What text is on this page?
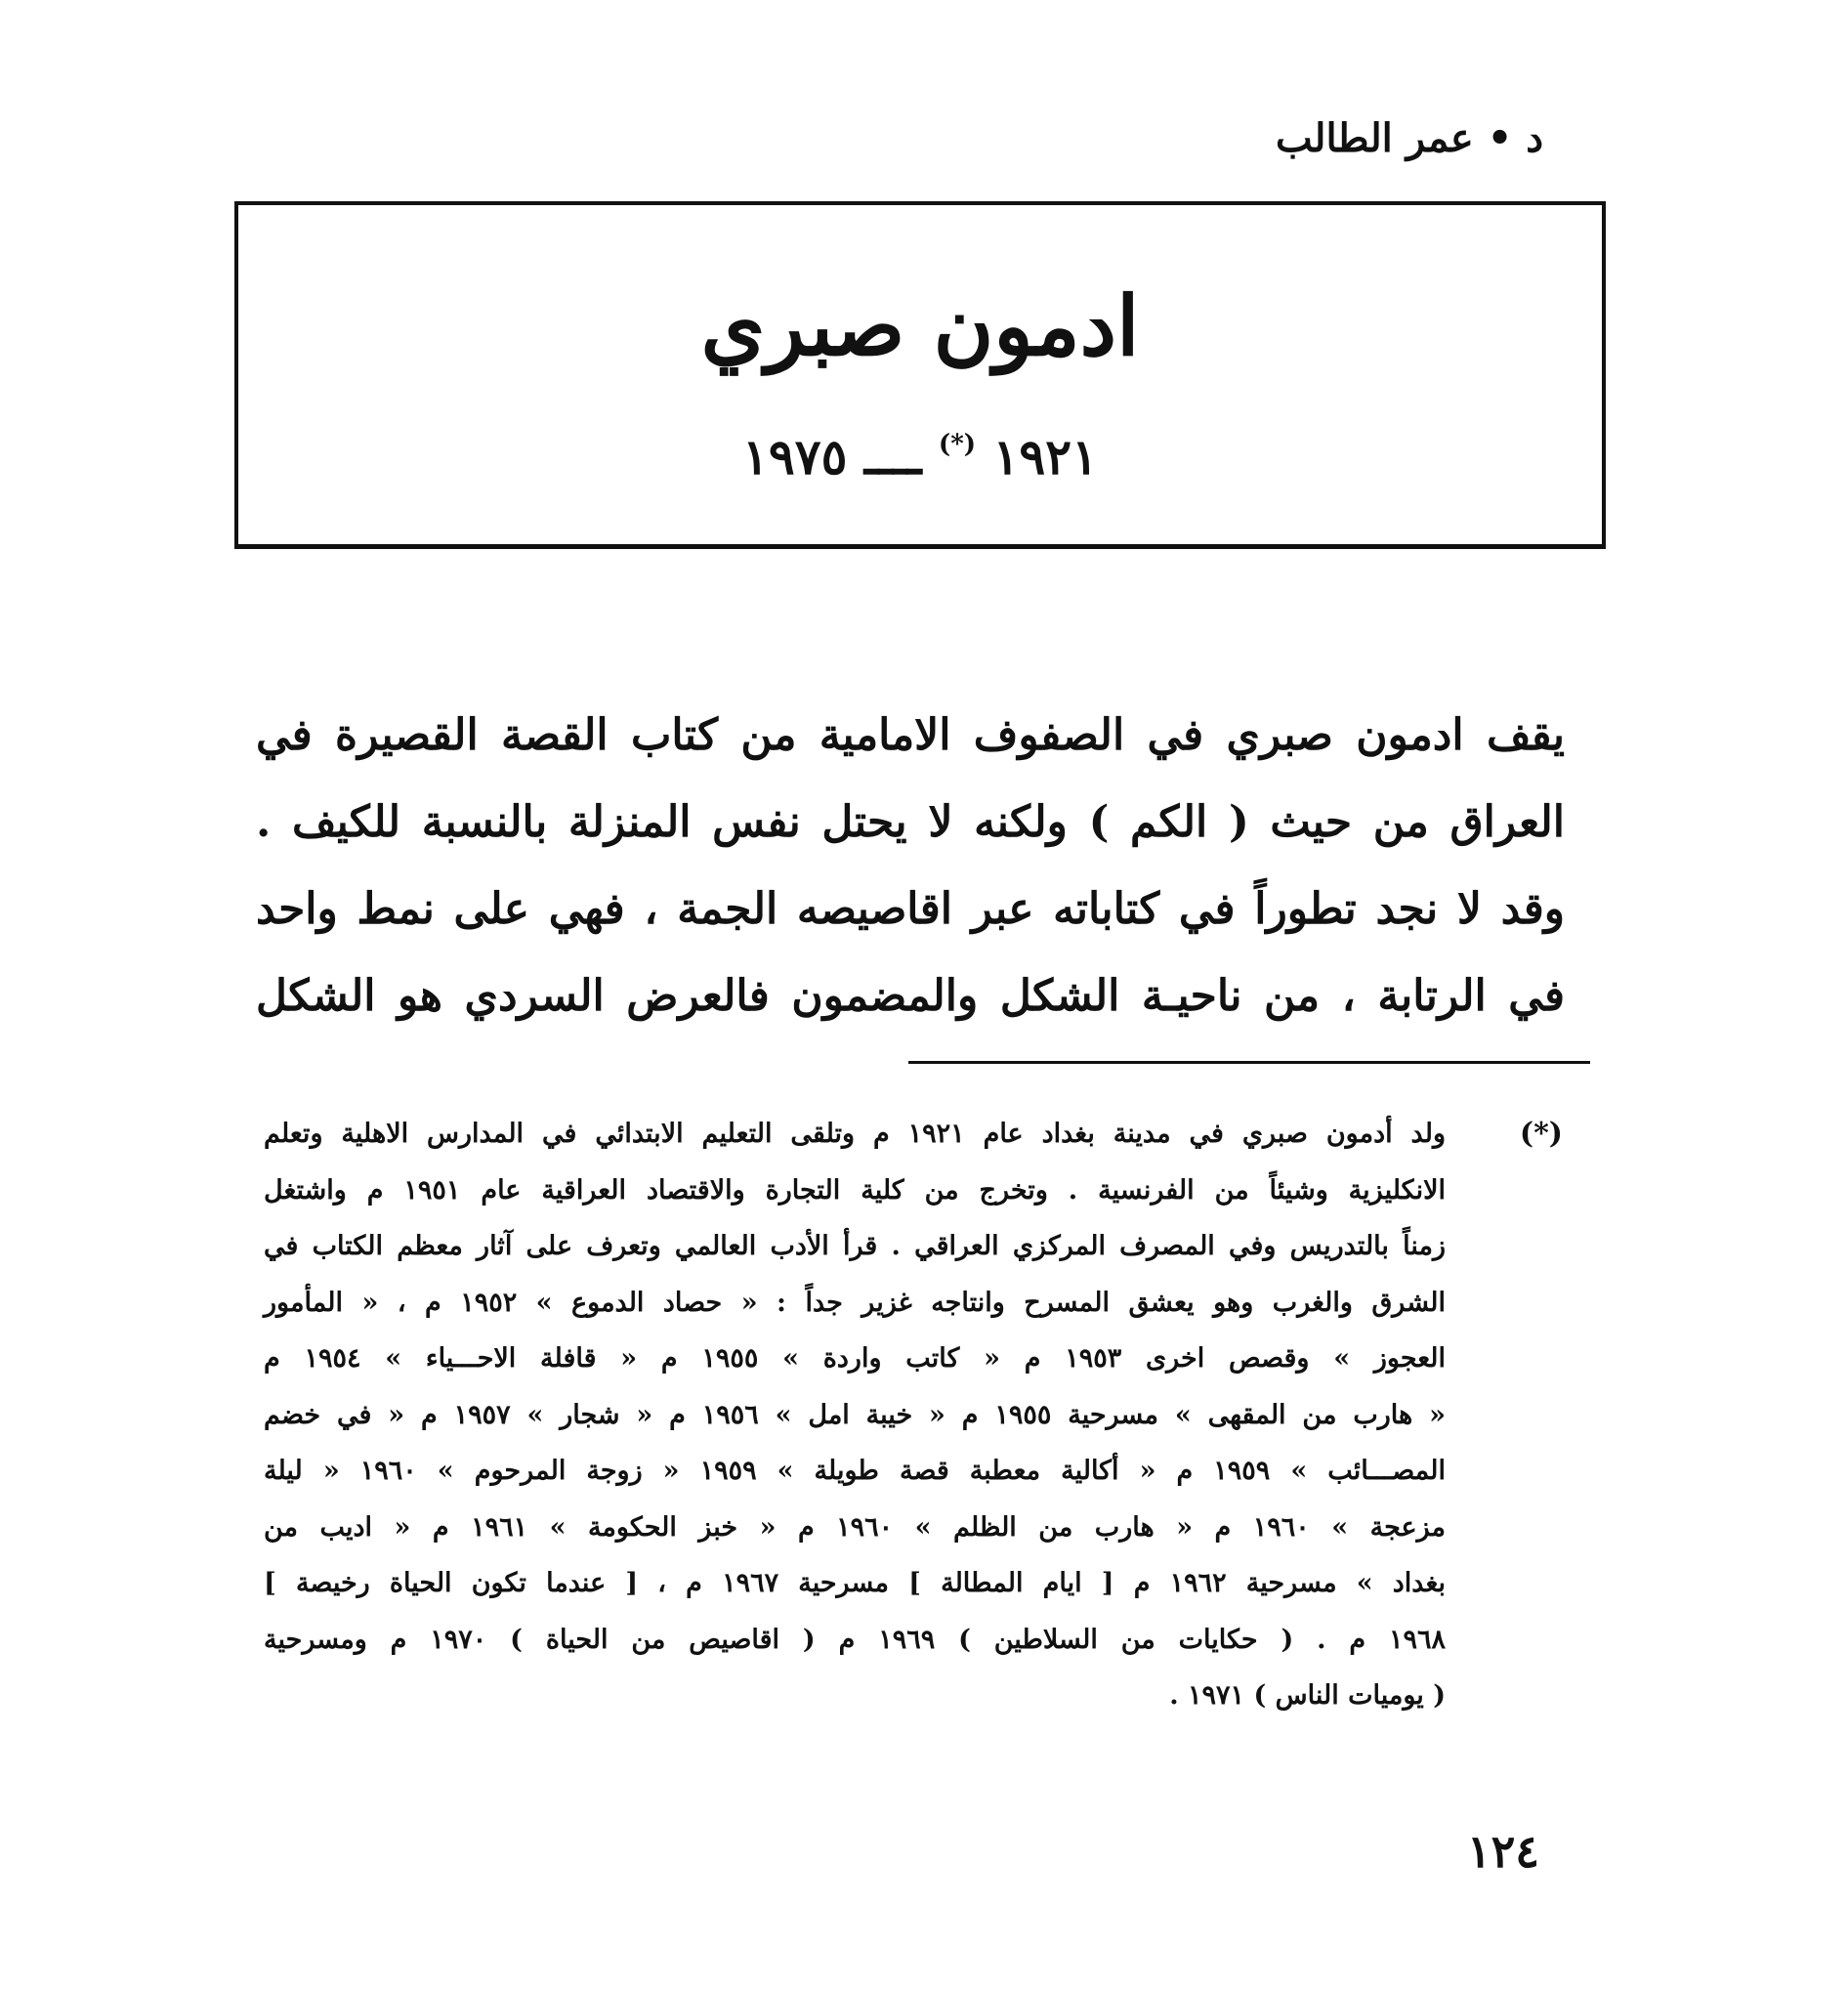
د • عمر الطالب
ادمون صبري
١٩٢١ (*) ــــ ١٩٧٥
يقف ادمون صبري في الصفوف الامامية من كتاب القصة القصيرة في
العراق من حيث ( الكم ) ولكنه لا يحتل نفس المنزلة بالنسبة للكيف .
وقد لا نجد تطوراً في كتاباته عبر اقاصيصه الجمة ، فهي على نمط واحد
في الرتابة ، من ناحيـة الشكل والمضمون فالعرض السردي هو الشكل
(*)
ولد أدمون صبري في مدينة بغداد عام ١٩٢١ م وتلقى التعليم الابتدائي في المدارس الاهلية وتعلم
الانكليزية وشيئاً من الفرنسية . وتخرج من كلية التجارة والاقتصاد العراقية عام ١٩٥١ م واشتغل
زمناً بالتدريس وفي المصرف المركزي العراقي . قرأ الأدب العالمي وتعرف على آثار معظم الكتاب في
الشرق والغرب وهو يعشق المسرح وانتاجه غزير جداً : « حصاد الدموع » ١٩٥٢ م ، « المأمور
العجوز » وقصص اخرى ١٩٥٣ م « كاتب واردة » ١٩٥٥ م « قافلة الاحـــياء » ١٩٥٤ م
« هارب من المقهى » مسرحية ١٩٥٥ م « خيبة امل » ١٩٥٦ م « شجار » ١٩٥٧ م « في خضم
المصـــائب » ١٩٥٩ م « أكالية معطبة قصة طويلة » ١٩٥٩ « زوجة المرحوم » ١٩٦٠ « ليلة
مزعجة » ١٩٦٠ م « هارب من الظلم » ١٩٦٠ م « خبز الحكومة » ١٩٦١ م « اديب من
بغداد » مسرحية ١٩٦٢ م [ ايام المطالة ] مسرحية ١٩٦٧ م ، [ عندما تكون الحياة رخيصة ]
١٩٦٨ م . ( حكايات من السلاطين ) ١٩٦٩ م ( اقاصيص من الحياة ) ١٩٧٠ م ومسرحية
( يوميات الناس ) ١٩٧١ .
١٢٤
